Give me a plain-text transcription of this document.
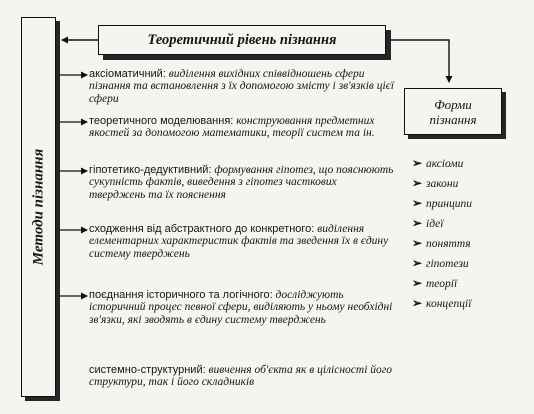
Методи пізнання
Теоретичний рівень пізнання
Форми пізнання
аксіоматичний: виділення вихідних співвідношень сфери пізнання та встановлення з їх допомогою змісту і зв'язків цієї сфери
теоретичного моделювання: конструювання предметних якостей за допомогою математики, теорії систем та ін.
гіпотетико-дедуктивний: формування гіпотез, що пояснюють сукупність фактів, виведення з гіпотез часткових тверджень та їх пояснення
сходження від абстрактного до конкретного: виділення елементарних характеристик фактів та зведення їх в єдину систему тверджень
поєднання історичного та логічного: досліджують історичний процес певної сфери, виділяють у ньому необхідні зв'язки, які зводять в єдину систему тверджень
системно-структурний: вивчення об'єкта як в цілісності його структури, так і його складників
➢ аксіоми
➢ закони
➢ принципи
➢ ідеї
➢ поняття
➢ гіпотези
➢ теорії
➢ концепції
